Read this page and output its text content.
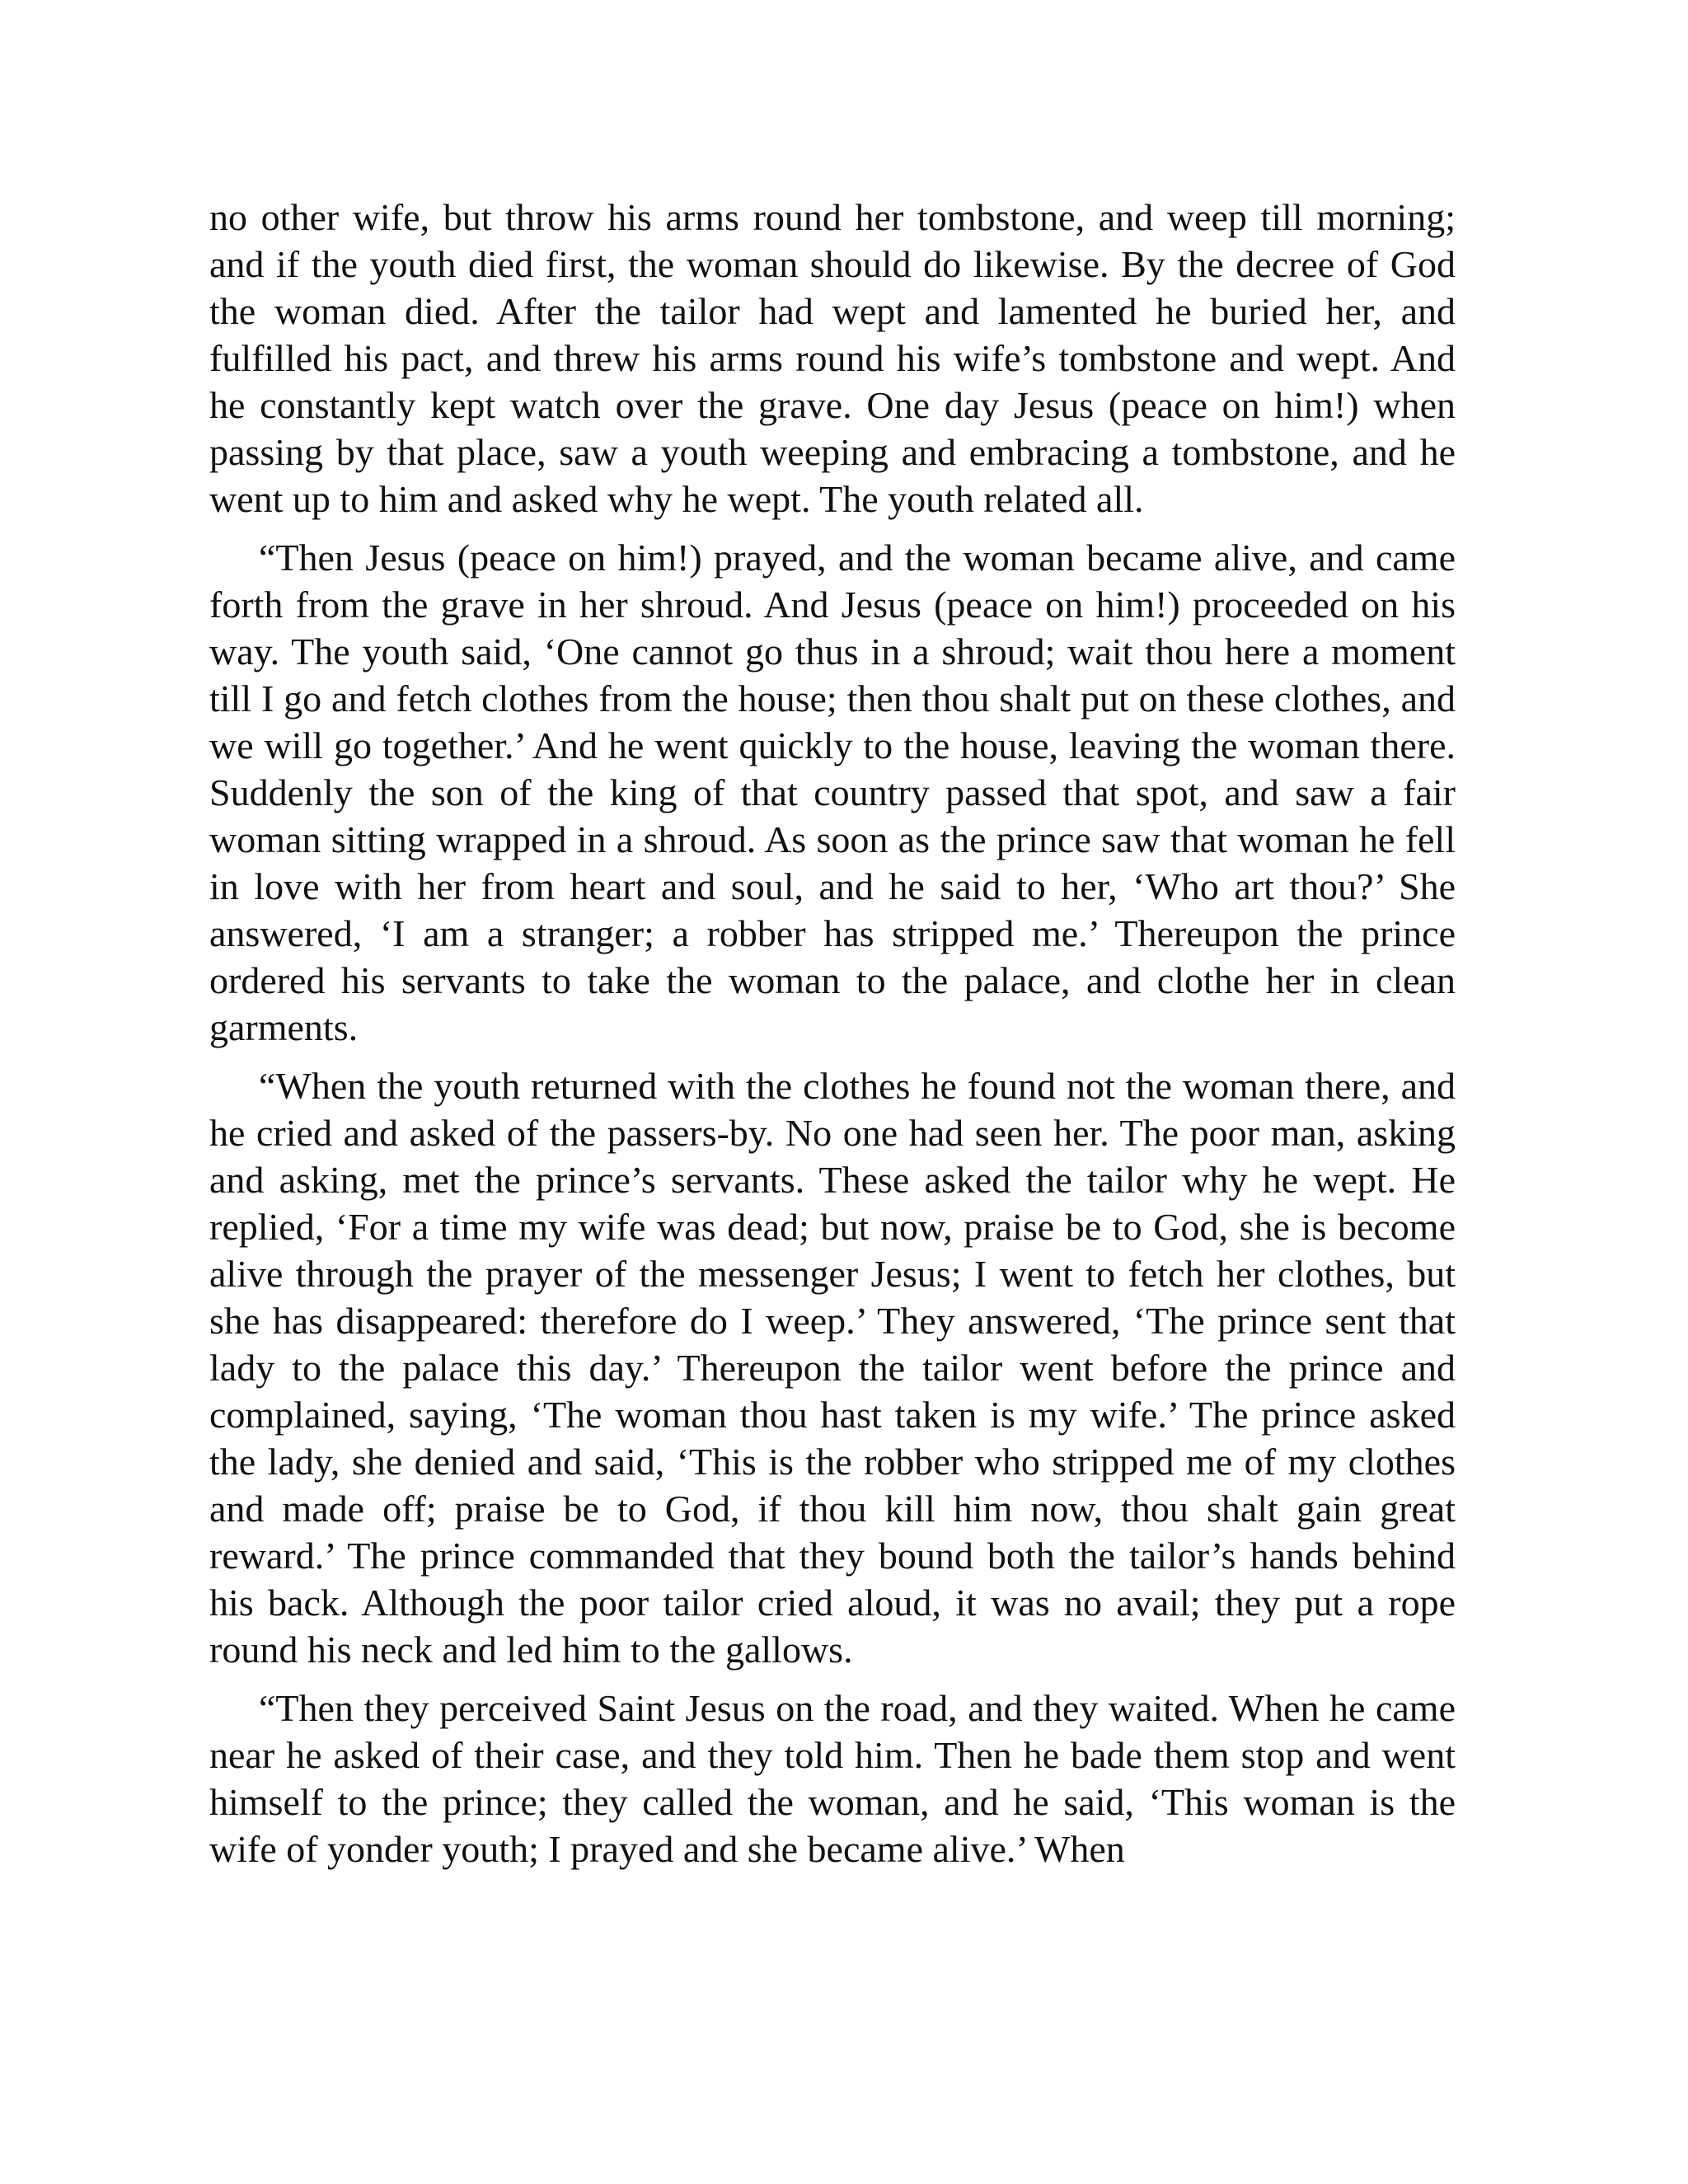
no other wife, but throw his arms round her tombstone, and weep till morning; and if the youth died first, the woman should do likewise. By the decree of God the woman died. After the tailor had wept and lamented he buried her, and fulfilled his pact, and threw his arms round his wife’s tombstone and wept. And he constantly kept watch over the grave. One day Jesus (peace on him!) when passing by that place, saw a youth weeping and embracing a tombstone, and he went up to him and asked why he wept. The youth related all.

“Then Jesus (peace on him!) prayed, and the woman became alive, and came forth from the grave in her shroud. And Jesus (peace on him!) proceeded on his way. The youth said, ‘One cannot go thus in a shroud; wait thou here a moment till I go and fetch clothes from the house; then thou shalt put on these clothes, and we will go together.’ And he went quickly to the house, leaving the woman there. Suddenly the son of the king of that country passed that spot, and saw a fair woman sitting wrapped in a shroud. As soon as the prince saw that woman he fell in love with her from heart and soul, and he said to her, ‘Who art thou?’ She answered, ‘I am a stranger; a robber has stripped me.’ Thereupon the prince ordered his servants to take the woman to the palace, and clothe her in clean garments.

“When the youth returned with the clothes he found not the woman there, and he cried and asked of the passers-by. No one had seen her. The poor man, asking and asking, met the prince’s servants. These asked the tailor why he wept. He replied, ‘For a time my wife was dead; but now, praise be to God, she is become alive through the prayer of the messenger Jesus; I went to fetch her clothes, but she has disappeared: therefore do I weep.’ They answered, ‘The prince sent that lady to the palace this day.’ Thereupon the tailor went before the prince and complained, saying, ‘The woman thou hast taken is my wife.’ The prince asked the lady, she denied and said, ‘This is the robber who stripped me of my clothes and made off; praise be to God, if thou kill him now, thou shalt gain great reward.’ The prince commanded that they bound both the tailor’s hands behind his back. Although the poor tailor cried aloud, it was no avail; they put a rope round his neck and led him to the gallows.

“Then they perceived Saint Jesus on the road, and they waited. When he came near he asked of their case, and they told him. Then he bade them stop and went himself to the prince; they called the woman, and he said, ‘This woman is the wife of yonder youth; I prayed and she became alive.’ When
